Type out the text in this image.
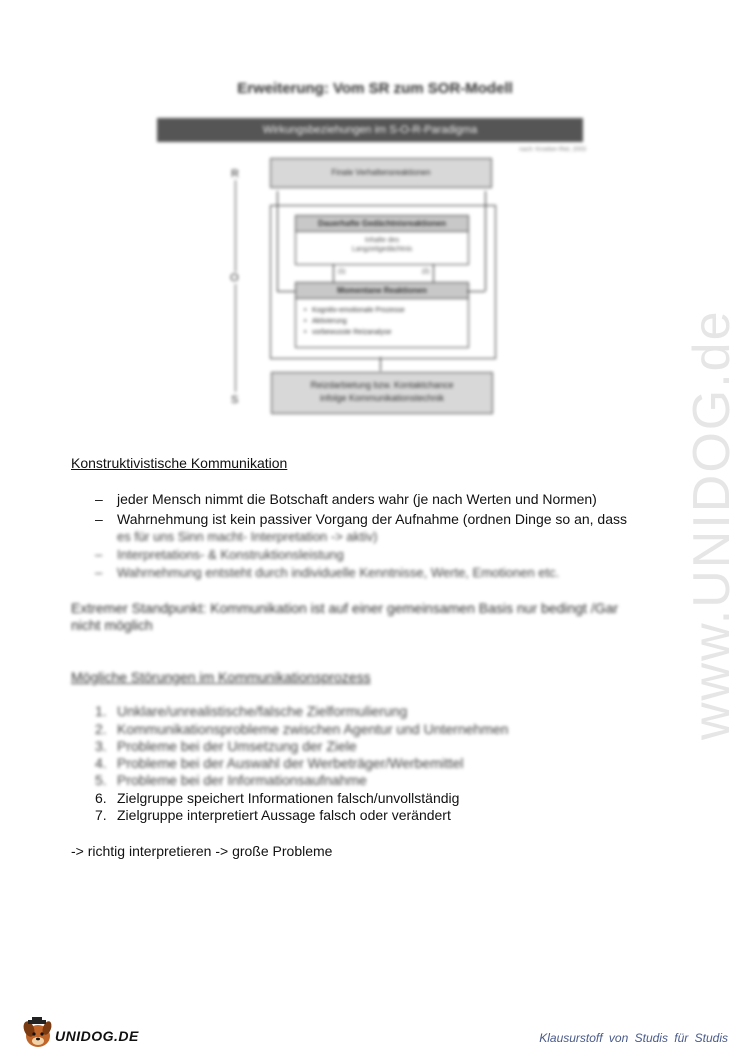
Erweiterung: Vom SR zum SOR-Modell
Wirkungsbeziehungen im S-O-R-Paradigma
nach: Kroeber-Riel, 2003
Finale Verhaltensreaktionen
Dauerhafte Gedächtnisreaktionen
Inhalte des
Langzeitgedächtnis
(1)	(2)
Momentane Reaktionen
• Kognitiv-emotionale Prozesse
• Aktivierung
• vorbewusste Reizanalyse
Reizdarbietung bzw. Kontaktchance
infolge Kommunikationstechnik
R
O
S
Konstruktivistische Kommunikation
– jeder Mensch nimmt die Botschaft anders wahr (je nach Werten und Normen)
– Wahrnehmung ist kein passiver Vorgang der Aufnahme (ordnen Dinge so an, dass
es für uns Sinn macht- Interpretation -> aktiv)
– Interpretations- & Konstruktionsleistung
– Wahrnehmung entsteht durch individuelle Kenntnisse, Werte, Emotionen etc.
Extremer Standpunkt: Kommunikation ist auf einer gemeinsamen Basis nur bedingt /Gar
nicht möglich
Mögliche Störungen im Kommunikationsprozess
1. Unklare/unrealistische/falsche Zielformulierung
2. Kommunikationsprobleme zwischen Agentur und Unternehmen
3. Probleme bei der Umsetzung der Ziele
4. Probleme bei der Auswahl der Werbeträger/Werbemittel
5. Probleme bei der Informationsaufnahme
6. Zielgruppe speichert Informationen falsch/unvollständig
7. Zielgruppe interpretiert Aussage falsch oder verändert
-> richtig interpretieren -> große Probleme
www.UNIDOG.de
UNIDOG.DE	Klausurstoff von Studis für Studis
